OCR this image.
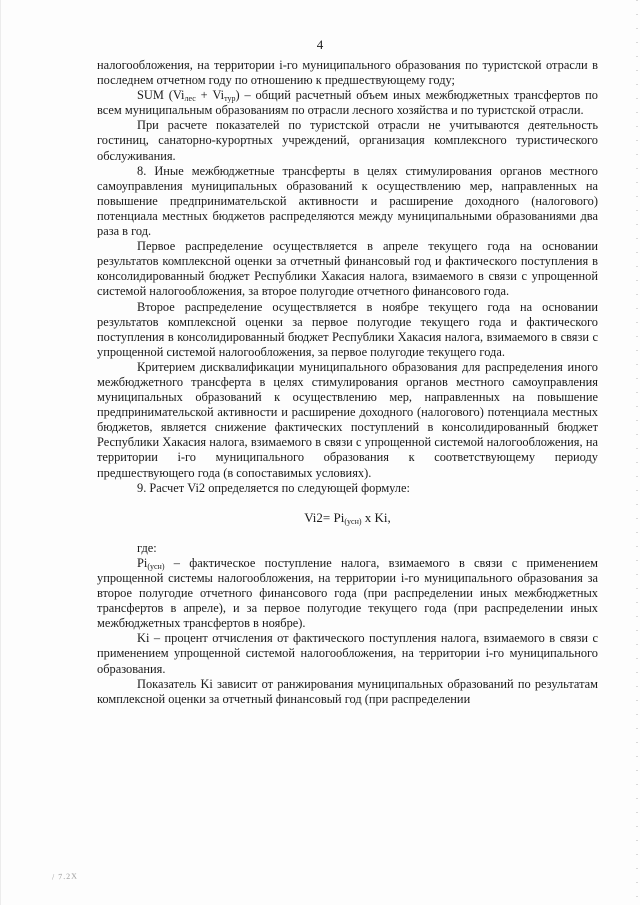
4

налогообложения, на территории i-го муниципального образования по туристской отрасли в последнем отчетном году по отношению к предшествующему году;

SUM $(Vi_{лес} + Vi_{тур})$ – общий расчетный объем иных межбюджетных трансфертов по всем муниципальным образованиям по отрасли лесного хозяйства и по туристской отрасли.

При расчете показателей по туристской отрасли не учитываются деятельность гостиниц, санаторно-курортных учреждений, организация комплексного туристического обслуживания.

8. Иные межбюджетные трансферты в целях стимулирования органов местного самоуправления муниципальных образований к осуществлению мер, направленных на повышение предпринимательской активности и расширение доходного (налогового) потенциала местных бюджетов распределяются между муниципальными образованиями два раза в год.

Первое распределение осуществляется в апреле текущего года на основании результатов комплексной оценки за отчетный финансовый год и фактического поступления в консолидированный бюджет Республики Хакасия налога, взимаемого в связи с упрощенной системой налогообложения, за второе полугодие отчетного финансового года.

Второе распределение осуществляется в ноябре текущего года на основании результатов комплексной оценки за первое полугодие текущего года и фактического поступления в консолидированный бюджет Республики Хакасия налога, взимаемого в связи с упрощенной системой налогообложения, за первое полугодие текущего года.

Критерием дисквалификации муниципального образования для распределения иного межбюджетного трансферта в целях стимулирования органов местного самоуправления муниципальных образований к осуществлению мер, направленных на повышение предпринимательской активности и расширение доходного (налогового) потенциала местных бюджетов, является снижение фактических поступлений в консолидированный бюджет Республики Хакасия налога, взимаемого в связи с упрощенной системой налогообложения, на территории i-го муниципального образования к соответствующему периоду предшествующего года (в сопоставимых условиях).

9. Расчет Vi2 определяется по следующей формуле:

$Vi2= Pi_{(усн)}$ x Ki,

где:

$Pi_{(усн)}$ – фактическое поступление налога, взимаемого в связи с применением упрощенной системы налогообложения, на территории i-го муниципального образования за второе полугодие отчетного финансового года (при распределении иных межбюджетных трансфертов в апреле), и за первое полугодие текущего года (при распределении иных межбюджетных трансфертов в ноябре).

Ki – процент отчисления от фактического поступления налога, взимаемого в связи с применением упрощенной системой налогообложения, на территории i-го муниципального образования.

Показатель Ki зависит от ранжирования муниципальных образований по результатам комплексной оценки за отчетный финансовый год (при распределении

/ 7.2Х
